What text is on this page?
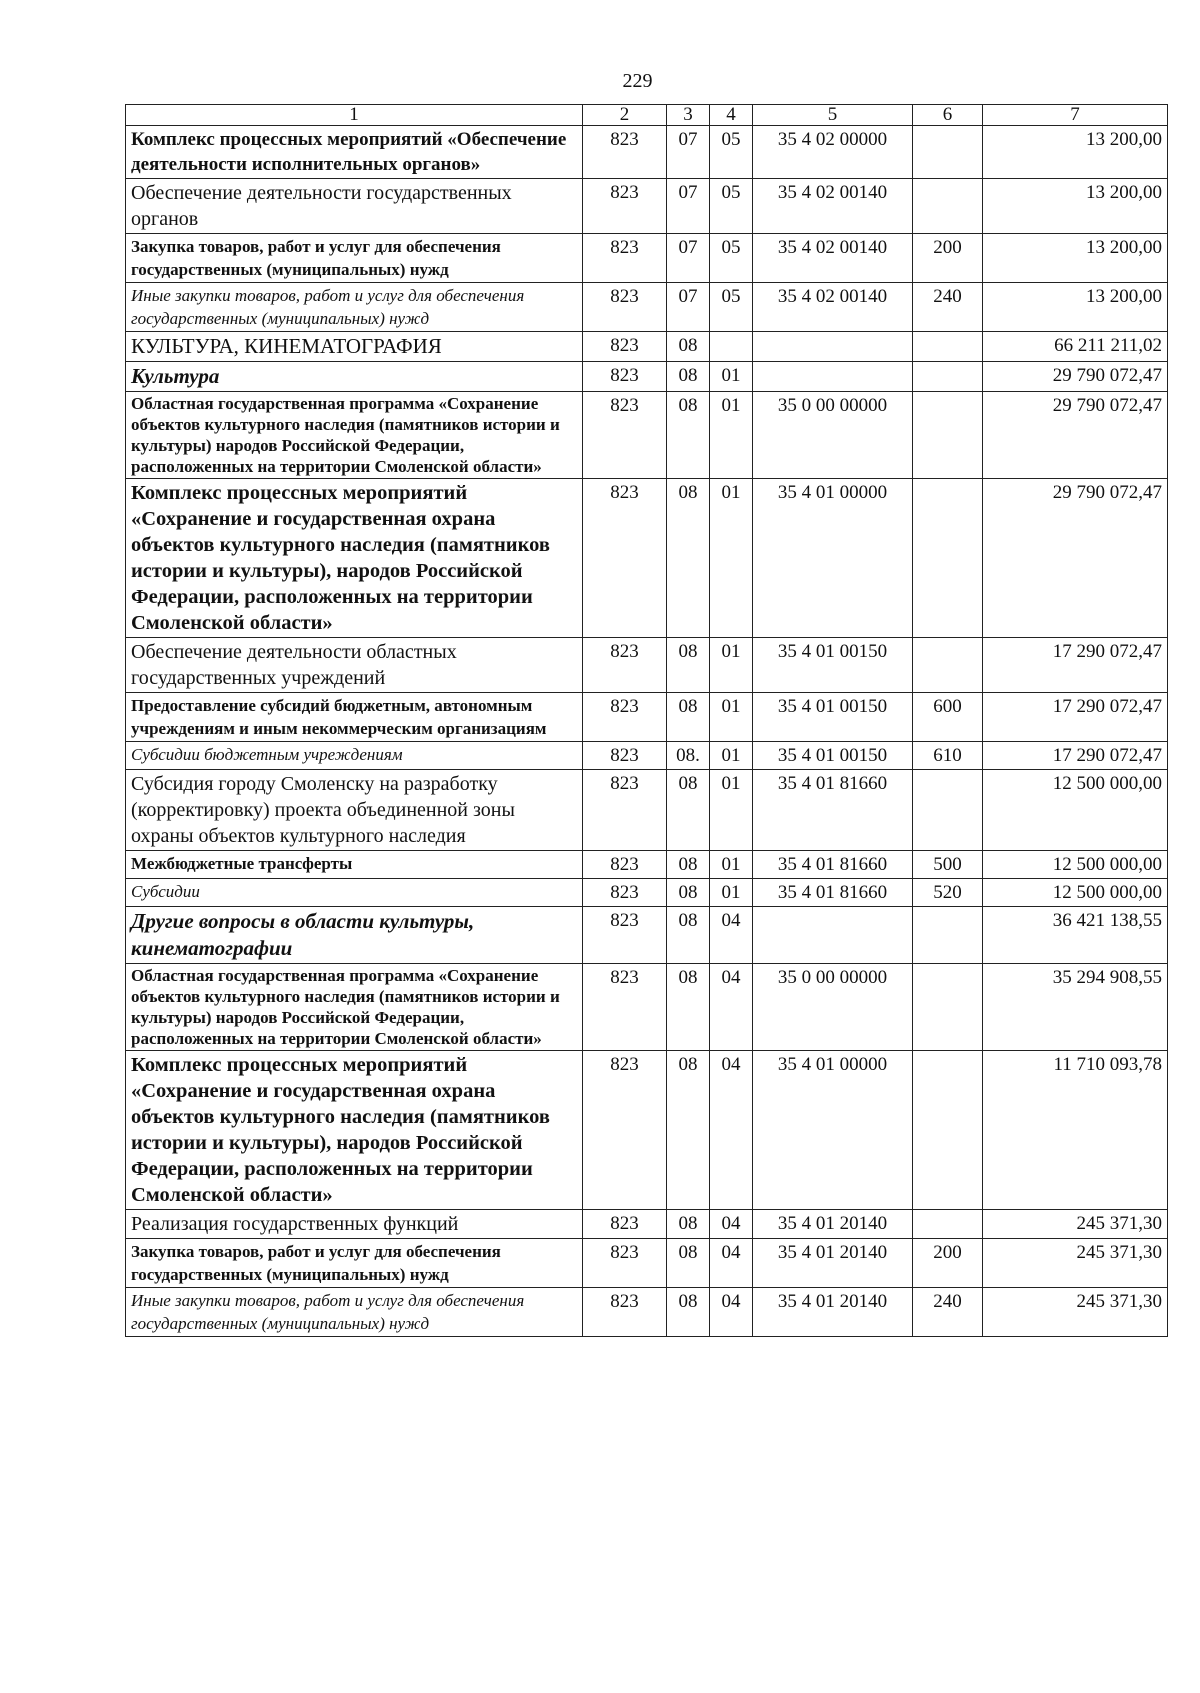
229
1	2	3	4	5	6	7
Комплекс процессных мероприятий «Обеспечение деятельности исполнительных органов»	823	07	05	35 4 02 00000		13 200,00
Обеспечение деятельности государственных органов	823	07	05	35 4 02 00140		13 200,00
Закупка товаров, работ и услуг для обеспечения государственных (муниципальных) нужд	823	07	05	35 4 02 00140	200	13 200,00
Иные закупки товаров, работ и услуг для обеспечения государственных (муниципальных) нужд	823	07	05	35 4 02 00140	240	13 200,00
КУЛЬТУРА, КИНЕМАТОГРАФИЯ	823	08				66 211 211,02
Культура	823	08	01			29 790 072,47
Областная государственная программа «Сохранение объектов культурного наследия (памятников истории и культуры) народов Российской Федерации, расположенных на территории Смоленской области»	823	08	01	35 0 00 00000		29 790 072,47
Комплекс процессных мероприятий «Сохранение и государственная охрана объектов культурного наследия (памятников истории и культуры), народов Российской Федерации, расположенных на территории Смоленской области»	823	08	01	35 4 01 00000		29 790 072,47
Обеспечение деятельности областных государственных учреждений	823	08	01	35 4 01 00150		17 290 072,47
Предоставление субсидий бюджетным, автономным учреждениям и иным некоммерческим организациям	823	08	01	35 4 01 00150	600	17 290 072,47
Субсидии бюджетным учреждениям	823	08.	01	35 4 01 00150	610	17 290 072,47
Субсидия городу Смоленску на разработку (корректировку) проекта объединенной зоны охраны объектов культурного наследия	823	08	01	35 4 01 81660		12 500 000,00
Межбюджетные трансферты	823	08	01	35 4 01 81660	500	12 500 000,00
Субсидии	823	08	01	35 4 01 81660	520	12 500 000,00
Другие вопросы в области культуры, кинематографии	823	08	04			36 421 138,55
Областная государственная программа «Сохранение объектов культурного наследия (памятников истории и культуры) народов Российской Федерации, расположенных на территории Смоленской области»	823	08	04	35 0 00 00000		35 294 908,55
Комплекс процессных мероприятий «Сохранение и государственная охрана объектов культурного наследия (памятников истории и культуры), народов Российской Федерации, расположенных на территории Смоленской области»	823	08	04	35 4 01 00000		11 710 093,78
Реализация государственных функций	823	08	04	35 4 01 20140		245 371,30
Закупка товаров, работ и услуг для обеспечения государственных (муниципальных) нужд	823	08	04	35 4 01 20140	200	245 371,30
Иные закупки товаров, работ и услуг для обеспечения государственных (муниципальных) нужд	823	08	04	35 4 01 20140	240	245 371,30
